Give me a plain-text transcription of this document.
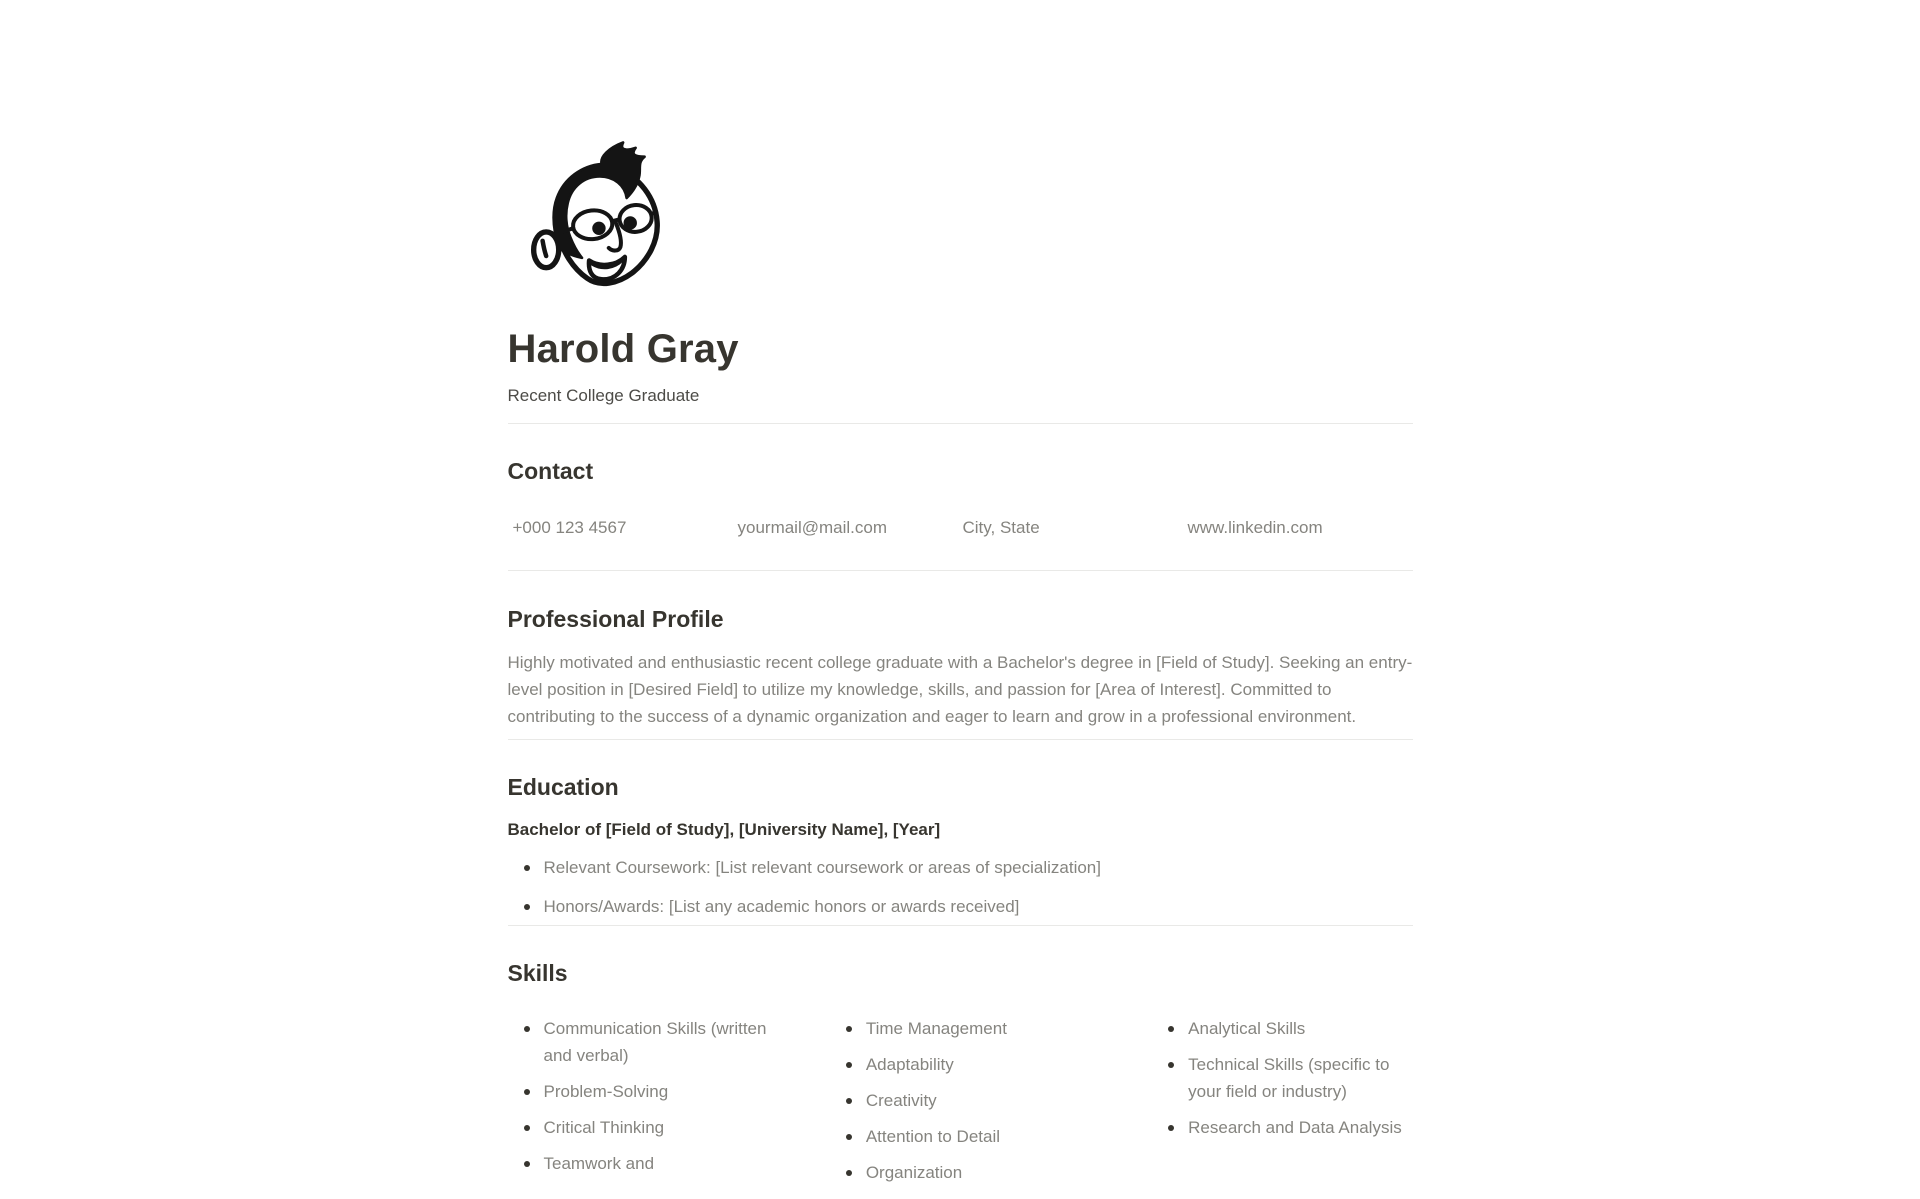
Harold Gray
Recent College Graduate
Contact
+000 123 4567	yourmail@mail.com	City, State	www.linkedin.com
Professional Profile

Highly motivated and enthusiastic recent college graduate with a Bachelor's degree in [Field of Study]. Seeking an entry-level position in [Desired Field] to utilize my knowledge, skills, and passion for [Area of Interest]. Committed to contributing to the success of a dynamic organization and eager to learn and grow in a professional environment.

Education
Bachelor of [Field of Study], [University Name], [Year]
Relevant Coursework: [List relevant coursework or areas of specialization]
Honors/Awards: [List any academic honors or awards received]
Skills
Communication Skills (written and verbal)
Problem-Solving
Critical Thinking
Teamwork and
Time Management
Adaptability
Creativity
Attention to Detail
Organization
Analytical Skills
Technical Skills (specific to your field or industry)
Research and Data Analysis
